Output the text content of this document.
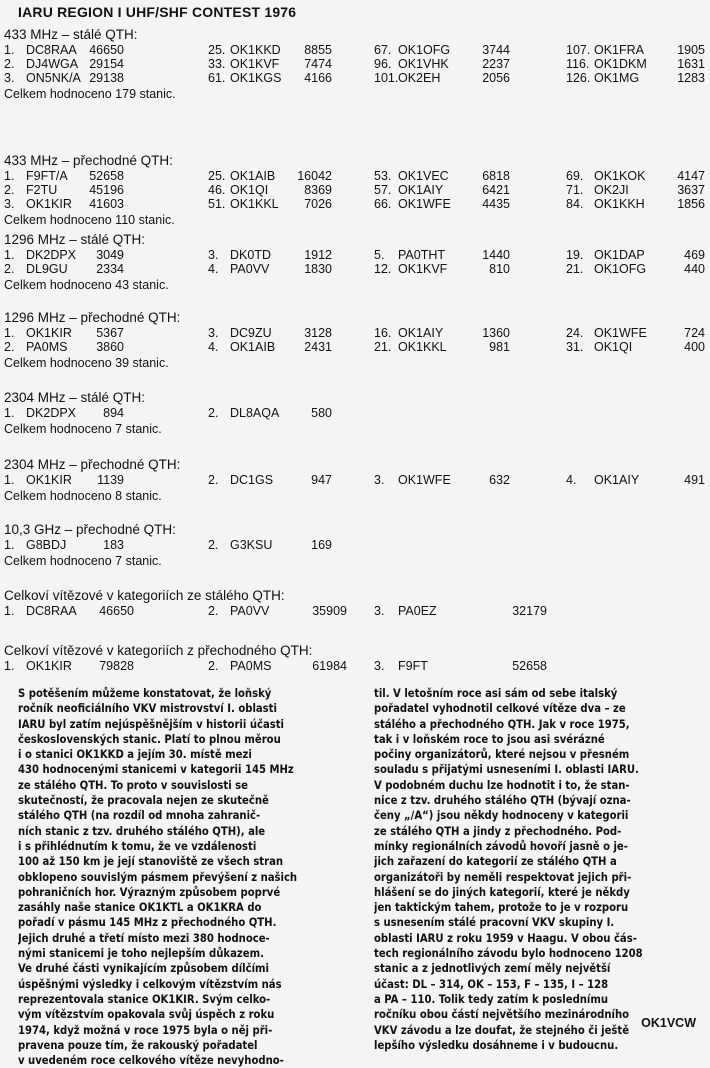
IARU REGION I UHF/SHF CONTEST 1976
433 MHz – stálé QTH:
1. DC8RAA 46650	25. OK1KKD 8855	67. OK1OFG	3744	107. OK1FRA	1905
2. DJ4WGA 29154	33. OK1KVF 7474	96. OK1VHK	2237	116. OK1DKM 1631
3. ON5NK/A 29138	61. OK1KGS 4166	101. OK2EH	2056	126. OK1MG	1283
Celkem hodnoceno 179 stanic.
433 MHz – přechodné QTH:
1. F9FT/A 52658	25. OK1AIB 16042	53. OK1VEC	6818	69. OK1KOK	4147
2. F2TU	45196	46. OK1QI	8369	57. OK1AIY	6421	71. OK2JI	3637
3. OK1KIR 41603	51. OK1KKL 7026	66. OK1WFE	4435	84. OK1KKH	1856
Celkem hodnoceno 110 stanic.
1296 MHz – stálé QTH:
1. DK2DPX 3049	3. DK0TD	1912	5. PA0THT	1440	19. OK1DAP	469
2. DL9GU 2334	4. PA0VV	1830	12. OK1KVF	810	21. OK1OFG	440
Celkem hodnoceno 43 stanic.
1296 MHz – přechodné QTH:
1. OK1KIR 5367	3. DC9ZU	3128	16. OK1AIY	1360	24. OK1WFE	724
2. PA0MS 3860	4. OK1AIB 2431	21. OK1KKL	981	31. OK1QI	400
Celkem hodnoceno 39 stanic.
2304 MHz – stálé QTH:
1. DK2DPX 894	2. DL8AQA	580
Celkem hodnoceno 7 stanic.
2304 MHz – přechodné QTH:
1. OK1KIR 1139	2. DC1GS	947	3. OK1WFE	632	4. OK1AIY	491
Celkem hodnoceno 8 stanic.
10,3 GHz – přechodné QTH:
1. G8BDJ	183	2. G3KSU	169
Celkem hodnoceno 7 stanic.
Celkoví vítězové v kategoriích ze stálého QTH:
1. DC8RAA 46650	2. PA0VV	35909 3. PA0EZ	32179
Celkoví vítězové v kategoriích z přechodného QTH:
1. OK1KIR 79828	2. PA0MS	61984 3. F9FT	52658
S potěšením můžeme konstatovat, že loňský
ročník neoficiálního VKV mistrovství I. oblasti
IARU byl zatím nejúspěšnějším v historii účasti
československých stanic. Platí to plnou měrou
i o stanici OK1KKD a jejím 30. místě mezi
430 hodnocenými stanicemi v kategorii 145 MHz
ze stálého QTH. To proto v souvislosti se
skutečností, že pracovala nejen ze skutečně
stálého QTH (na rozdíl od mnoha zahranič-
ních stanic z tzv. druhého stálého QTH), ale
i s přihlédnutím k tomu, že ve vzdálenosti
100 až 150 km je její stanoviště ze všech stran
obklopeno souvislým pásmem převýšení z našich
pohraničních hor. Výrazným způsobem poprvé
zasáhly naše stanice OK1KTL a OK1KRA do
pořadí v pásmu 145 MHz z přechodného QTH.
Jejich druhé a třetí místo mezi 380 hodnoce-
nými stanicemi je toho nejlepším důkazem.
Ve druhé části vynikajícím způsobem dílčími
úspěšnými výsledky i celkovým vítězstvím nás
reprezentovala stanice OK1KIR. Svým celko-
vým vítězstvím opakovala svůj úspěch z roku
1974, když možná v roce 1975 byla o něj při-
pravena pouze tím, že rakouský pořadatel
v uvedeném roce celkového vítěze nevyhodno-
til. V letošním roce asi sám od sebe italský
pořadatel vyhodnotil celkové vítěze dva – ze
stálého a přechodného QTH. Jak v roce 1975,
tak i v loňském roce to jsou asi svérázné
počiny organizátorů, které nejsou v přesném
souladu s přijatými usneseními I. oblasti IARU.
V podobném duchu lze hodnotit i to, že stan-
nice z tzv. druhého stálého QTH (bývají ozna-
čeny „/A“) jsou někdy hodnoceny v kategorii
ze stálého QTH a jindy z přechodného. Pod-
mínky regionálních závodů hovoří jasně o je-
jich zařazení do kategorií ze stálého QTH a
organizátoři by neměli respektovat jejich při-
hlášení se do jiných kategorií, které je někdy
jen taktickým tahem, protože to je v rozporu
s usnesením stálé pracovní VKV skupiny I.
oblasti IARU z roku 1959 v Haagu. V obou čás-
tech regionálního závodu bylo hodnoceno 1208
stanic a z jednotlivých zemí měly největší
účast: DL – 314, OK – 153, F – 135, I – 128
a PA – 110. Tolik tedy zatím k poslednímu
ročníku obou částí největšího mezinárodního
VKV závodu a lze doufat, že stejného či ještě
lepšího výsledku dosáhneme i v budoucnu.
OK1VCW
